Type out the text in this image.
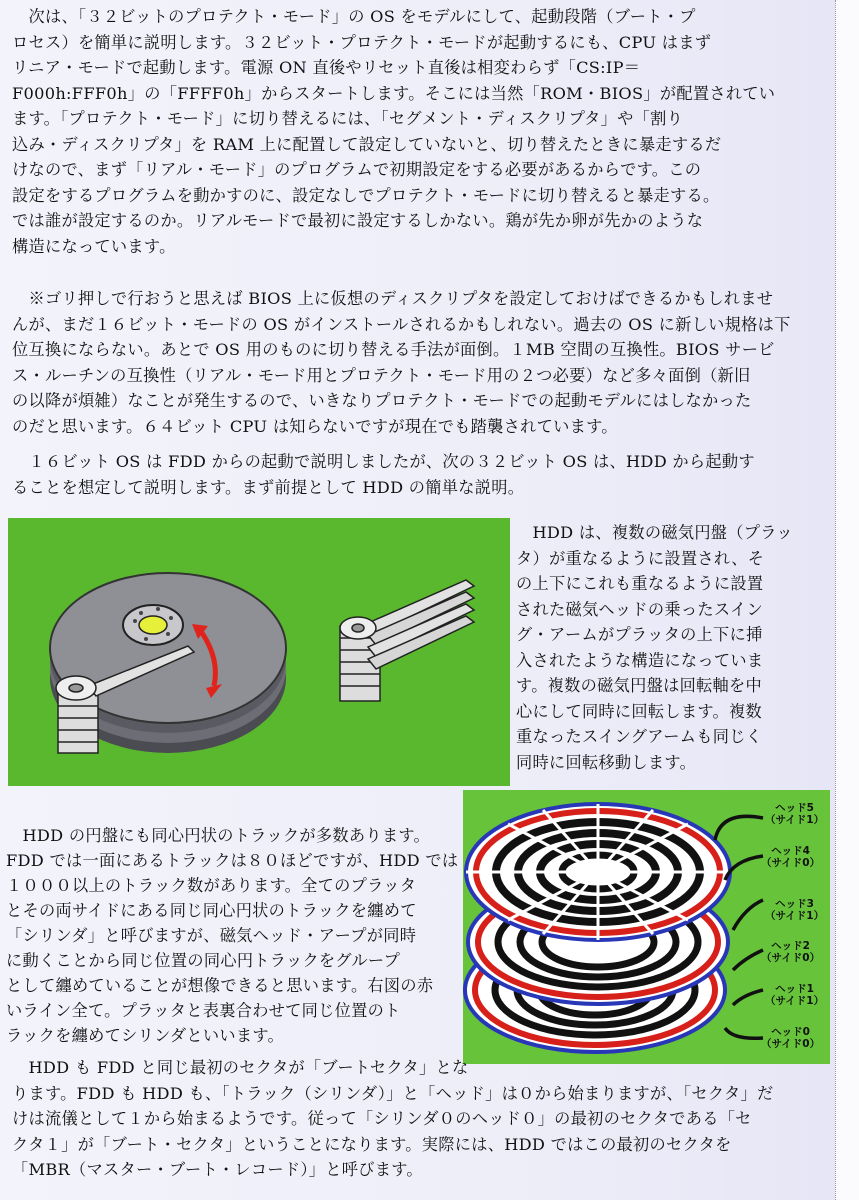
　次は、「３２ビットのプロテクト・モード」の OS をモデルにして、起動段階（ブート・プ
ロセス）を簡単に説明します。３２ビット・プロテクト・モードが起動するにも、CPU はまず
リニア・モードで起動します。電源 ON 直後やリセット直後は相変わらず「CS:IP＝
F000h:FFF0h」の「FFFF0h」からスタートします。そこには当然「ROM・BIOS」が配置されてい
ます。「プロテクト・モード」に切り替えるには、「セグメント・ディスクリプタ」や「割り
込み・ディスクリプタ」を RAM 上に配置して設定していないと、切り替えたときに暴走するだ
けなので、まず「リアル・モード」のプログラムで初期設定をする必要があるからです。この
設定をするプログラムを動かすのに、設定なしでプロテクト・モードに切り替えると暴走する。
では誰が設定するのか。リアルモードで最初に設定するしかない。鶏が先か卵が先かのような
構造になっています。

　※ゴリ押しで行おうと思えば BIOS 上に仮想のディスクリプタを設定しておけばできるかもしれませ
んが、まだ１６ビット・モードの OS がインストールされるかもしれない。過去の OS に新しい規格は下
位互換にならない。あとで OS 用のものに切り替える手法が面倒。１MB 空間の互換性。BIOS サービ
ス・ルーチンの互換性（リアル・モード用とプロテクト・モード用の２つ必要）など多々面倒（新旧
の以降が煩雑）なことが発生するので、いきなりプロテクト・モードでの起動モデルにはしなかった
のだと思います。６４ビット CPU は知らないですが現在でも踏襲されています。

　１６ビット OS は FDD からの起動で説明しましたが、次の３２ビット OS は、HDD から起動す
ることを想定して説明します。まず前提として HDD の簡単な説明。

　HDD は、複数の磁気円盤（プラッ
タ）が重なるように設置され、そ
の上下にこれも重なるように設置
された磁気ヘッドの乗ったスイン
グ・アームがプラッタの上下に挿
入されたような構造になっていま
す。複数の磁気円盤は回転軸を中
心にして同時に回転します。複数
重なったスイングアームも同じく
同時に回転移動します。

ヘッド5
（サイド1）
ヘッド4
（サイド0）
ヘッド3
（サイド1）
ヘッド2
（サイド0）
ヘッド1
（サイド1）
ヘッド0
（サイド0）

　HDD の円盤にも同心円状のトラックが多数あります。
FDD では一面にあるトラックは８０ほどですが、HDD では
１０００以上のトラック数があります。全てのプラッタ
とその両サイドにある同じ同心円状のトラックを纏めて
「シリンダ」と呼びますが、磁気ヘッド・アープが同時
に動くことから同じ位置の同心円トラックをグループ
として纏めていることが想像できると思います。右図の赤
いライン全て。プラッタと表裏合わせて同じ位置のト
ラックを纏めてシリンダといいます。

　HDD も FDD と同じ最初のセクタが「ブートセクタ」とな
ります。FDD も HDD も、「トラック（シリンダ）」と「ヘッド」は０から始まりますが、「セクタ」だ
けは流儀として１から始まるようです。従って「シリンダ０のヘッド０」の最初のセクタである「セ
クタ１」が「ブート・セクタ」ということになります。実際には、HDD ではこの最初のセクタを
「MBR（マスター・ブート・レコード）」と呼びます。
